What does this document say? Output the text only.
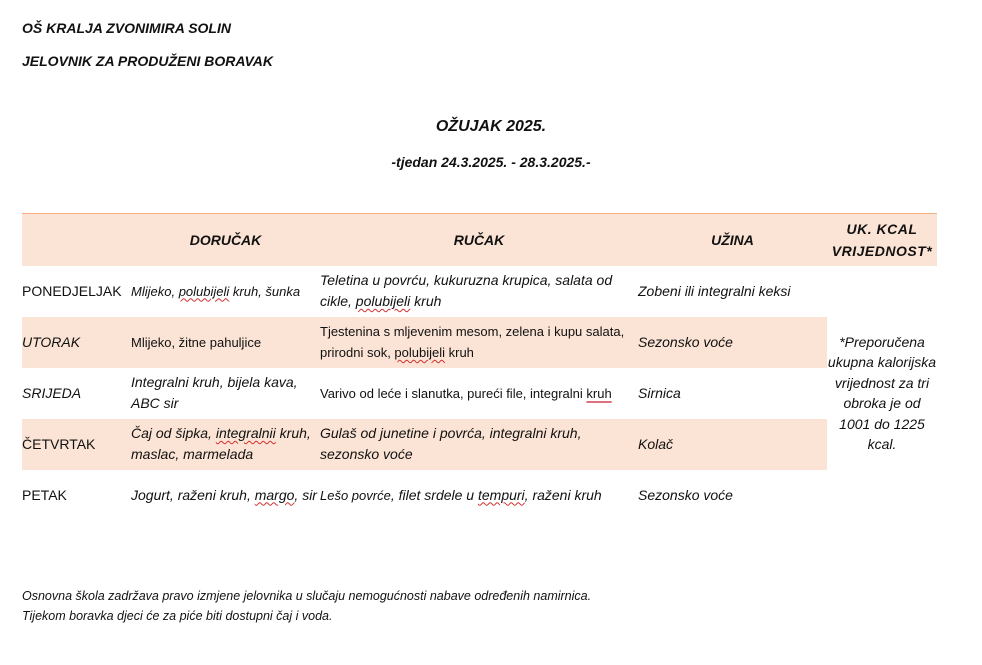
OŠ KRALJA ZVONIMIRA SOLIN
JELOVNIK ZA PRODUŽENI BORAVAK
OŽUJAK 2025.
-tjedan 24.3.2025. - 28.3.2025.-
	DORUČAK	RUČAK	UŽINA	UK. KCAL
VRIJEDNOST*
PONEDJELJAK	Mlijeko, polubijeli kruh, šunka	Teletina u povrću, kukuruzna krupica, salata od cikle, polubijeli kruh	Zobeni ili integralni keksi	*Preporučena ukupna kalorijska vrijednost za tri obroka je od 1001 do 1225 kcal.
UTORAK	Mlijeko, žitne pahuljice	Tjestenina s mljevenim mesom, zelena i kupu salata, prirodni sok, polubijeli kruh	Sezonsko voće	
SRIJEDA	Integralni kruh, bijela kava, ABC sir	Varivo od leće i slanutka, pureći file, integralni kruh	Sirnica	
ČETVRTAK	Čaj od šipka, integralnii kruh, maslac, marmelada	Gulaš od junetine i povrća, integralni kruh, sezonsko voće	Kolač	
PETAK	Jogurt, raženi kruh, margo, sir	Lešo povrće, filet srdele u tempuri, raženi kruh	Sezonsko voće	
Osnovna škola zadržava pravo izmjene jelovnika u slučaju nemogućnosti nabave određenih namirnica.
Tijekom boravka djeci će za piće biti dostupni čaj i voda.
